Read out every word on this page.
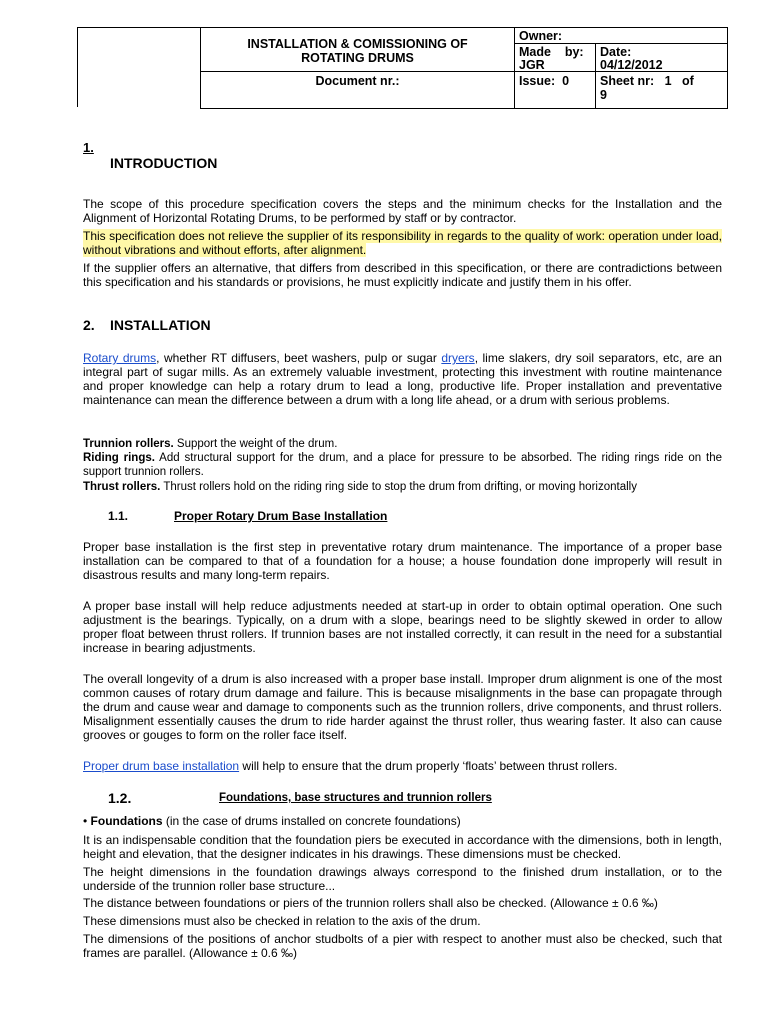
INSTALLATION & COMISSIONING OF
ROTATING DRUMS
Document nr.:
Owner:
Made    by:
JGR
Date:
04/12/2012
Issue:  0 Sheet nr:   1   of
9
1.
INTRODUCTION
The scope of this procedure specification covers the steps and the minimum checks for the Installation and the Alignment of Horizontal Rotating Drums, to be performed by staff or by contractor.
This specification does not relieve the supplier of its responsibility in regards to the quality of work: operation under load, without vibrations and without efforts, after alignment.
If the supplier offers an alternative, that differs from described in this specification, or there are contradictions between this specification and his standards or provisions, he must explicitly indicate and justify them in his offer.
2. INSTALLATION
Rotary drums, whether RT diffusers, beet washers, pulp or sugar dryers, lime slakers, dry soil separators, etc, are an integral part of sugar mills. As an extremely valuable investment, protecting this investment with routine maintenance and proper knowledge can help a rotary drum to lead a long, productive life. Proper installation and preventative maintenance can mean the difference between a drum with a long life ahead, or a drum with serious problems.
Trunnion rollers. Support the weight of the drum.
Riding rings. Add structural support for the drum, and a place for pressure to be absorbed. The riding rings ride on the support trunnion rollers.
Thrust rollers. Thrust rollers hold on the riding ring side to stop the drum from drifting, or moving horizontally
1.1.	Proper Rotary Drum Base Installation
Proper base installation is the first step in preventative rotary drum maintenance. The importance of a proper base installation can be compared to that of a foundation for a house; a house foundation done improperly will result in disastrous results and many long-term repairs.
A proper base install will help reduce adjustments needed at start-up in order to obtain optimal operation. One such adjustment is the bearings. Typically, on a drum with a slope, bearings need to be slightly skewed in order to allow proper float between thrust rollers. If trunnion bases are not installed correctly, it can result in the need for a substantial increase in bearing adjustments.
The overall longevity of a drum is also increased with a proper base install. Improper drum alignment is one of the most common causes of rotary drum damage and failure. This is because misalignments in the base can propagate through the drum and cause wear and damage to components such as the trunnion rollers, drive components, and thrust rollers. Misalignment essentially causes the drum to ride harder against the thrust roller, thus wearing faster. It also can cause grooves or gouges to form on the roller face itself.
Proper drum base installation will help to ensure that the drum properly ‘floats’ between thrust rollers.
1.2.	Foundations, base structures and trunnion rollers
• Foundations (in the case of drums installed on concrete foundations)
It is an indispensable condition that the foundation piers be executed in accordance with the dimensions, both in length, height and elevation, that the designer indicates in his drawings. These dimensions must be checked.
The height dimensions in the foundation drawings always correspond to the finished drum installation, or to the underside of the trunnion roller base structure...
The distance between foundations or piers of the trunnion rollers shall also be checked. (Allowance ± 0.6 ‰)
These dimensions must also be checked in relation to the axis of the drum.
The dimensions of the positions of anchor studbolts of a pier with respect to another must also be checked, such that frames are parallel. (Allowance ± 0.6 ‰)
